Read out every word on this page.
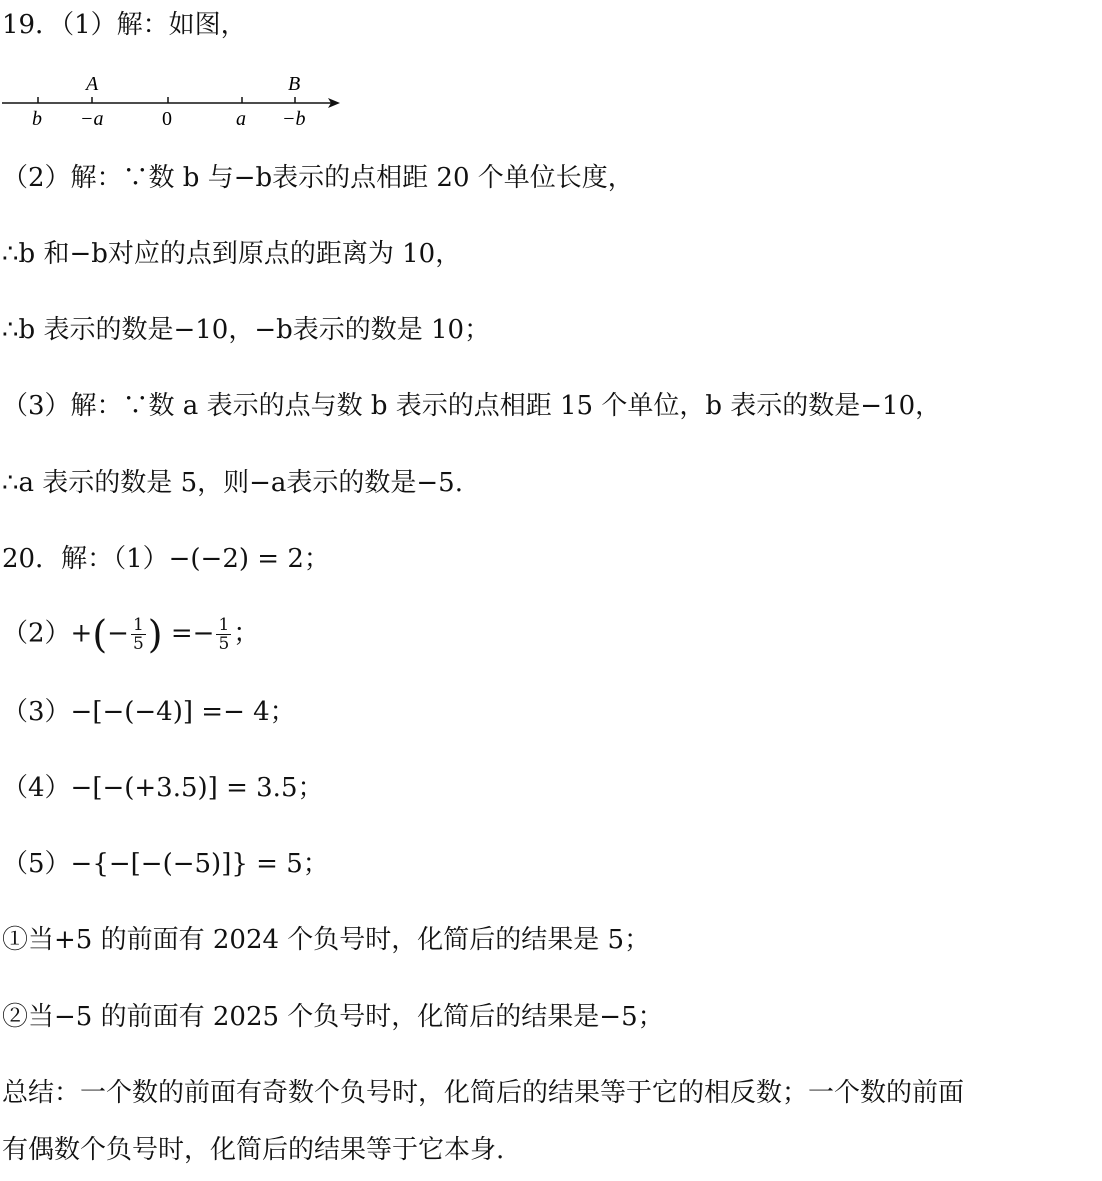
19．（1）解：如图，
A	B
b −a	0	a −b
（2）解：∵数 b 与−b表示的点相距 20 个单位长度，
∴b 和−b对应的点到原点的距离为 10，
∴b 表示的数是−10，−b表示的数是 10；
（3）解：∵数 a 表示的点与数 b 表示的点相距 15 个单位，b 表示的数是−10，
∴a 表示的数是 5，则−a表示的数是−5.
20．解：（1）−(−2) = 2；
$(2)+(- \frac{1}{5}$ ) =− $\frac{1}{5}$ ；
（3）−[−(−4)] =− 4；
（4）−[−(+3.5)] = 3.5；
（5）−{−[−(−5)]} = 5；
①当+5 的前面有 2024 个负号时，化简后的结果是 5；
②当−5 的前面有 2025 个负号时，化简后的结果是−5；
总结：一个数的前面有奇数个负号时，化简后的结果等于它的相反数；一个数的前面
有偶数个负号时，化简后的结果等于它本身.
